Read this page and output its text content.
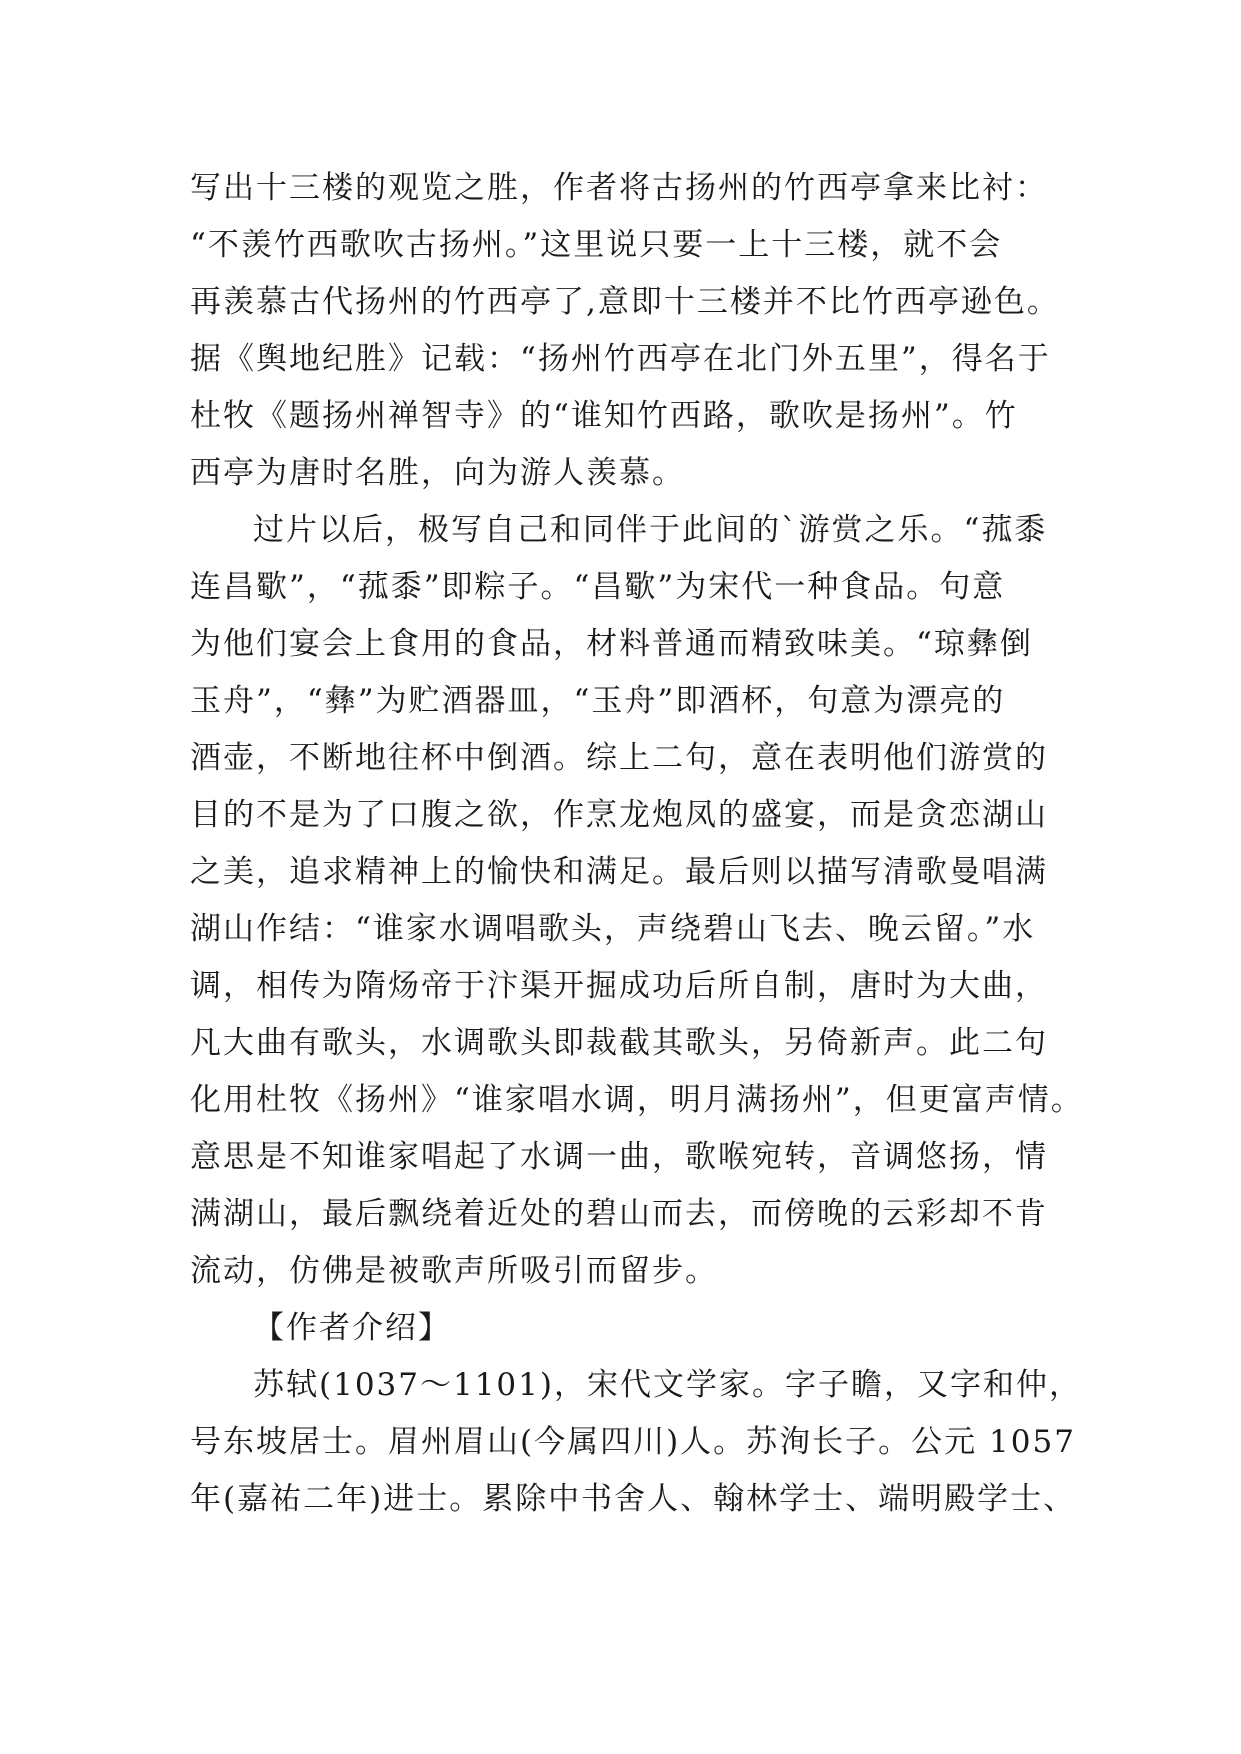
写出十三楼的观览之胜，作者将古扬州的竹西亭拿来比衬：
“不羡竹西歌吹古扬州。”这里说只要一上十三楼，就不会
再羡慕古代扬州的竹西亭了,意即十三楼并不比竹西亭逊色。
据《舆地纪胜》记载：“扬州竹西亭在北门外五里”，得名于
杜牧《题扬州禅智寺》的“谁知竹西路，歌吹是扬州”。竹
西亭为唐时名胜，向为游人羡慕。
过片以后，极写自己和同伴于此间的`游赏之乐。“菰黍
连昌歜”，“菰黍”即粽子。“昌歜”为宋代一种食品。句意
为他们宴会上食用的食品，材料普通而精致味美。“琼彝倒
玉舟”，“彝”为贮酒器皿，“玉舟”即酒杯，句意为漂亮的
酒壶，不断地往杯中倒酒。综上二句，意在表明他们游赏的
目的不是为了口腹之欲，作烹龙炮凤的盛宴，而是贪恋湖山
之美，追求精神上的愉快和满足。最后则以描写清歌曼唱满
湖山作结：“谁家水调唱歌头，声绕碧山飞去、晚云留。”水
调，相传为隋炀帝于汴渠开掘成功后所自制，唐时为大曲，
凡大曲有歌头，水调歌头即裁截其歌头，另倚新声。此二句
化用杜牧《扬州》“谁家唱水调，明月满扬州”，但更富声情。
意思是不知谁家唱起了水调一曲，歌喉宛转，音调悠扬，情
满湖山，最后飘绕着近处的碧山而去，而傍晚的云彩却不肯
流动，仿佛是被歌声所吸引而留步。
【作者介绍】
苏轼(1037～1101)，宋代文学家。字子瞻，又字和仲，
号东坡居士。眉州眉山(今属四川)人。苏洵长子。公元 1057
年(嘉祐二年)进士。累除中书舍人、翰林学士、端明殿学士、
